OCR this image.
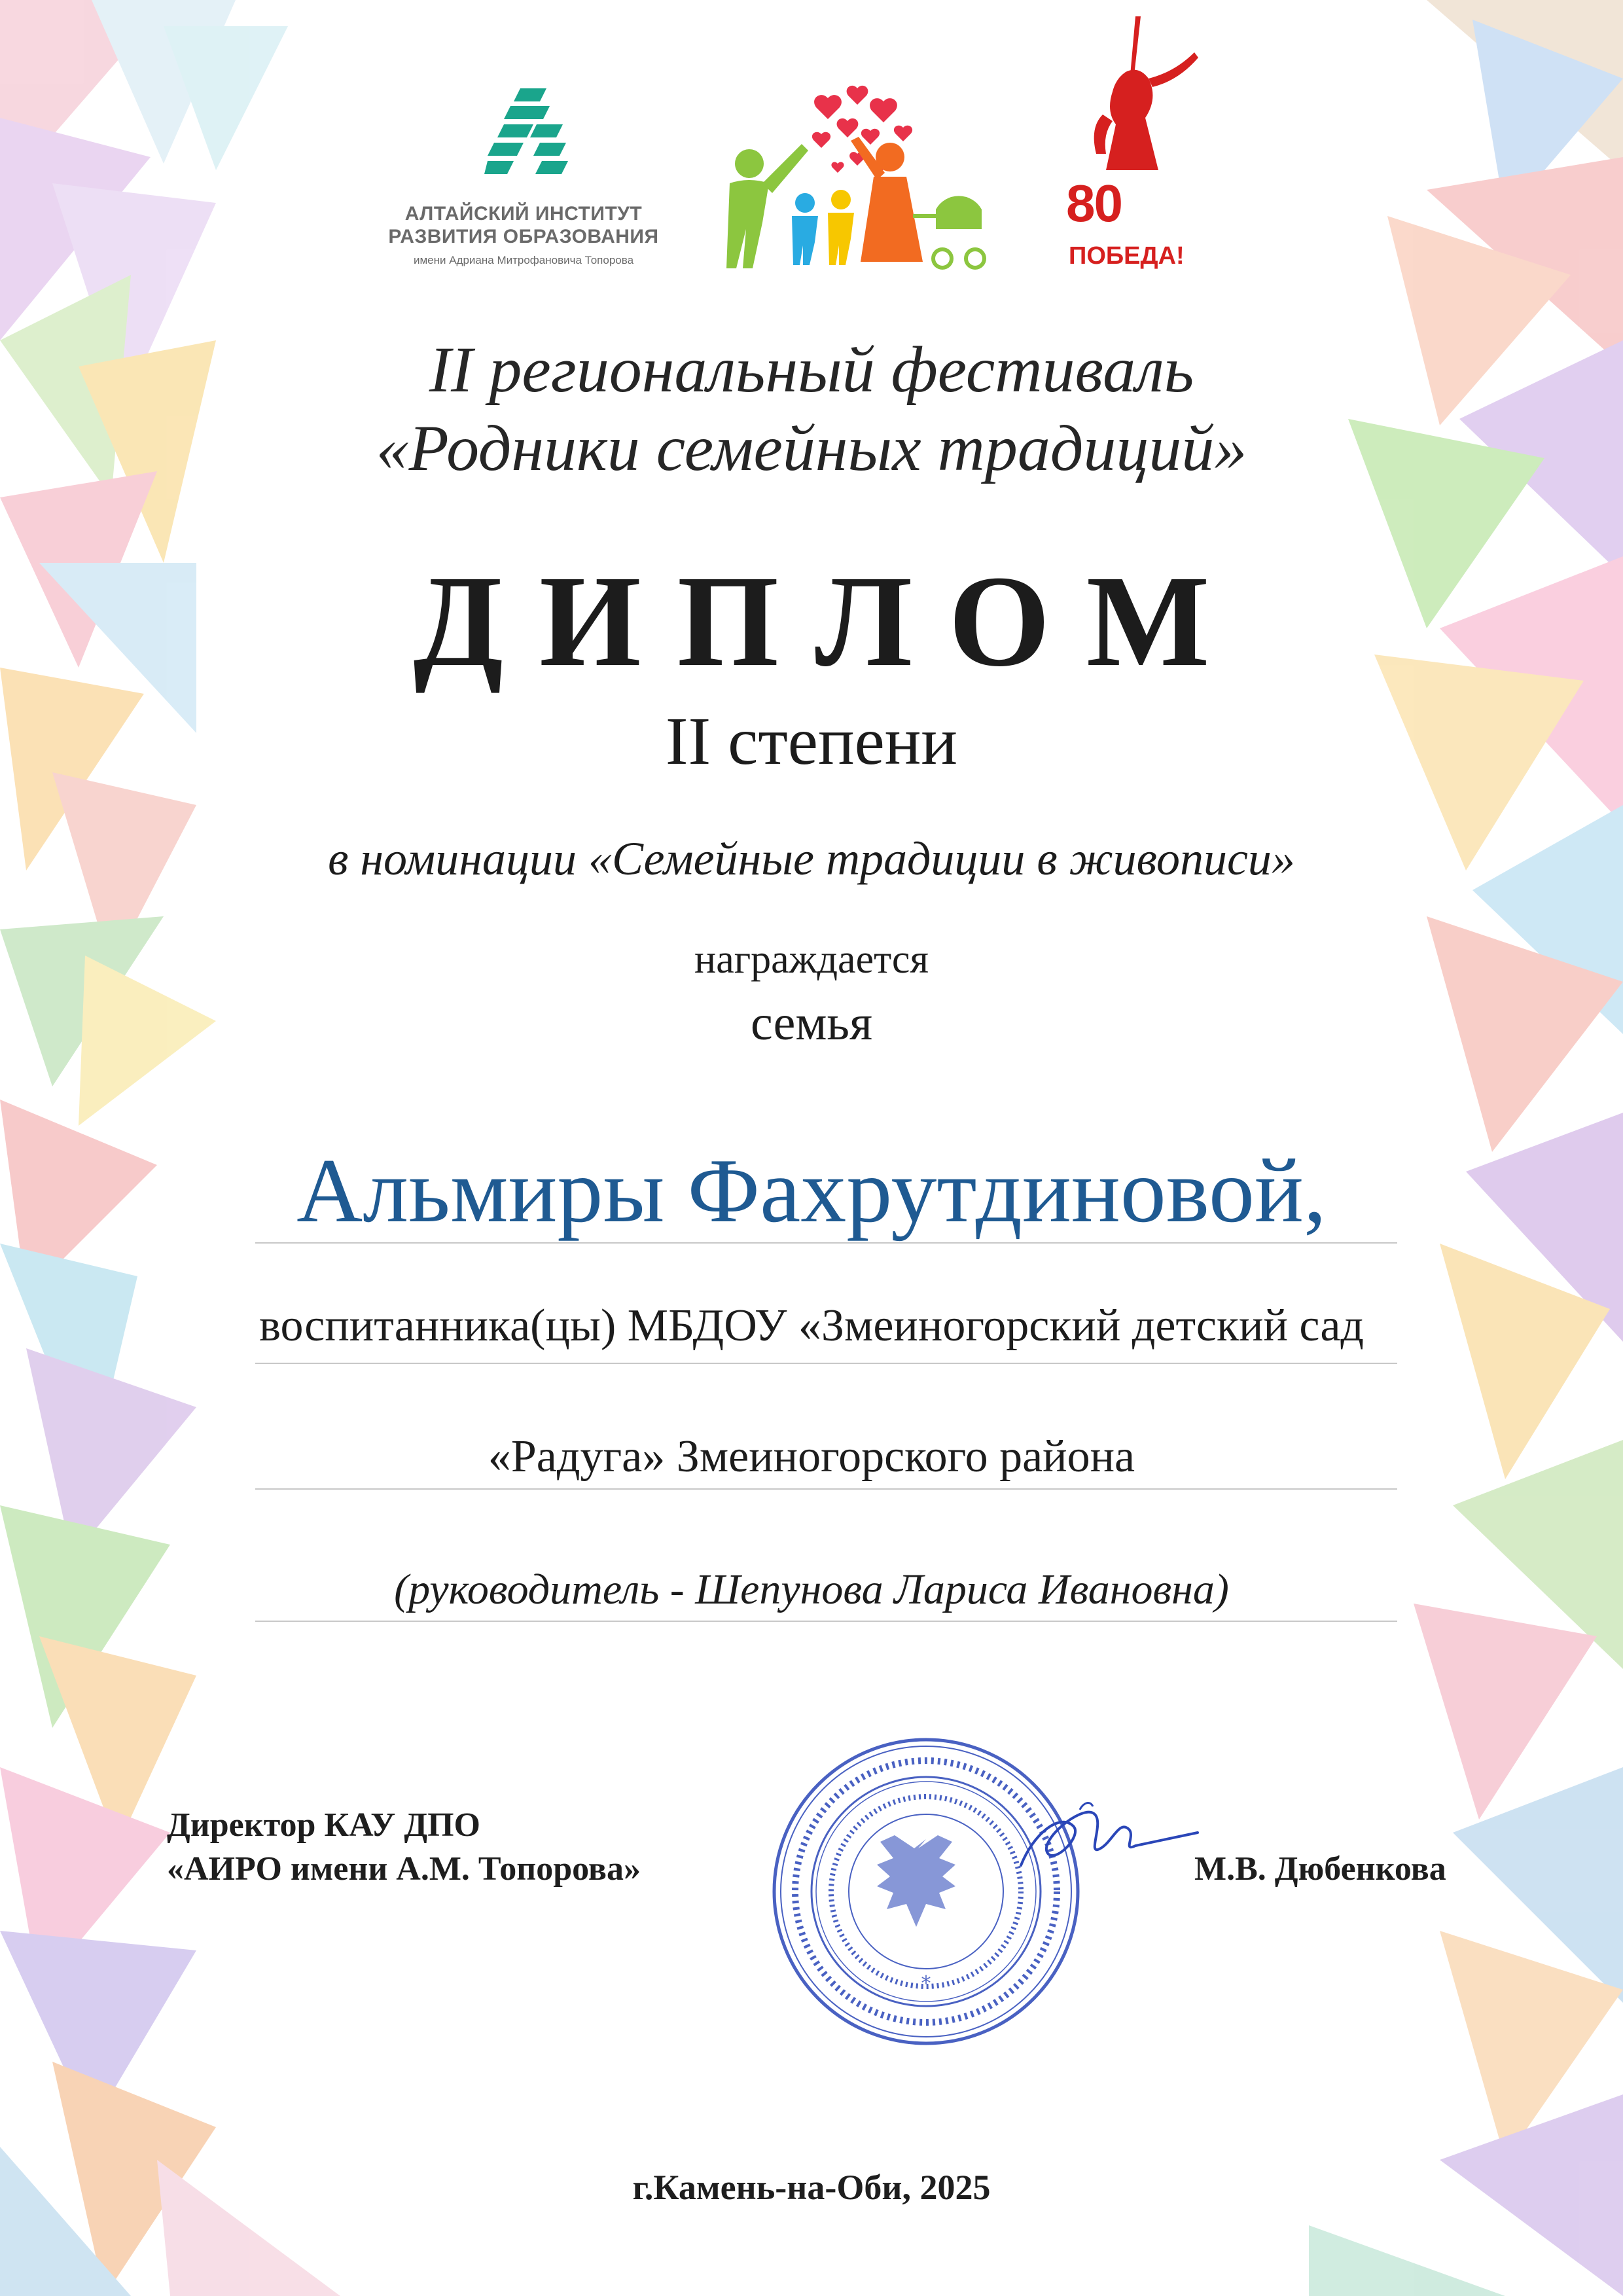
АЛТАЙСКИЙ ИНСТИТУТ
РАЗВИТИЯ ОБРАЗОВАНИЯ
имени Адриана Митрофановича Топорова
80
ПОБЕДА!
II региональный фестиваль
«Родники семейных традиций»
ДИПЛОМ
II степени
в номинации «Семейные традиции в живописи»
награждается
семья
Альмиры Фахрутдиновой,
воспитанника(цы) МБДОУ «Змеиногорский детский сад
«Радуга» Змеиногорского района
(руководитель - Шепунова Лариса Ивановна)
Директор КАУ ДПО
«АИРО имени А.М. Топорова»	М.В. Дюбенкова
*
г.Камень-на-Оби, 2025
